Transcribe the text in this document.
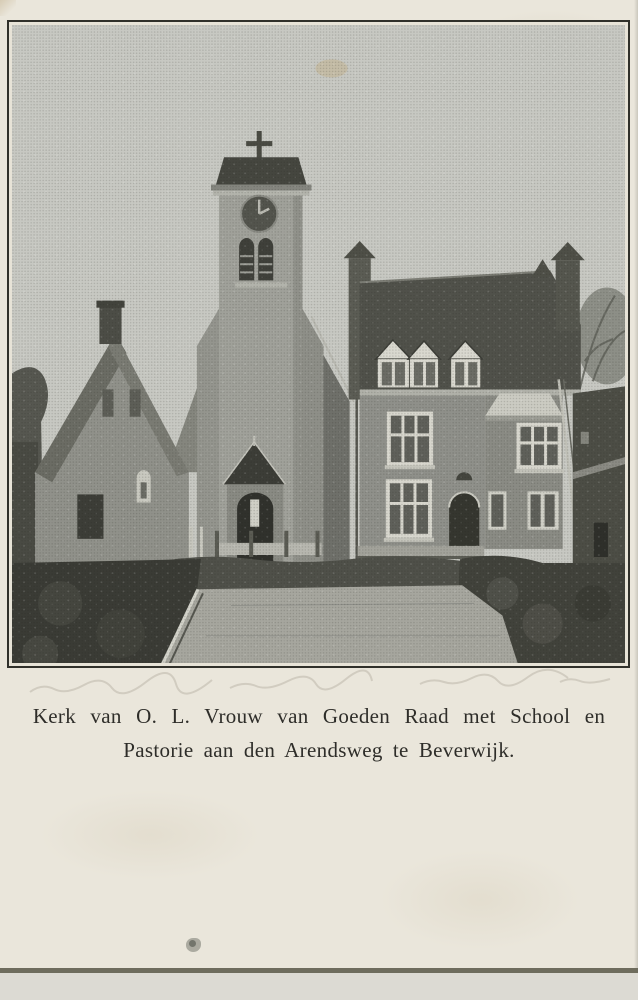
Kerk van O. L. Vrouw van Goeden Raad met School en
Pastorie aan den Arendsweg te Beverwijk.
